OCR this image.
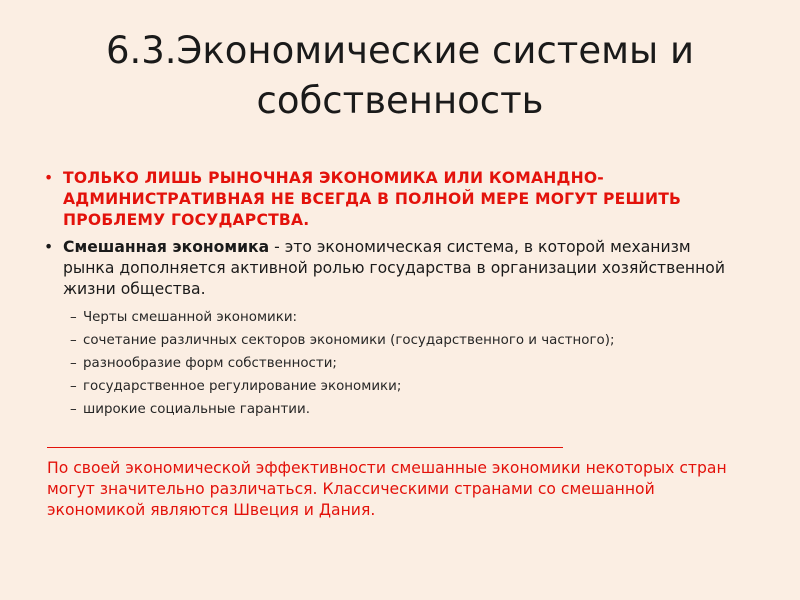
6.3.Экономические системы и собственность
• ТОЛЬКО ЛИШЬ РЫНОЧНАЯ ЭКОНОМИКА ИЛИ КОМАНДНО-АДМИНИСТРАТИВНАЯ НЕ ВСЕГДА В ПОЛНОЙ МЕРЕ МОГУТ РЕШИТЬ ПРОБЛЕМУ ГОСУДАРСТВА.
• Смешанная экономика - это экономическая система, в которой механизм рынка дополняется активной ролью государства в организации хозяйственной жизни общества.
– Черты смешанной экономики:
– сочетание различных секторов экономики (государственного и частного);
– разнообразие форм собственности;
– государственное регулирование экономики;
– широкие социальные гарантии.
По своей экономической эффективности смешанные экономики некоторых стран могут значительно различаться. Классическими странами со смешанной экономикой являются Швеция и Дания.
